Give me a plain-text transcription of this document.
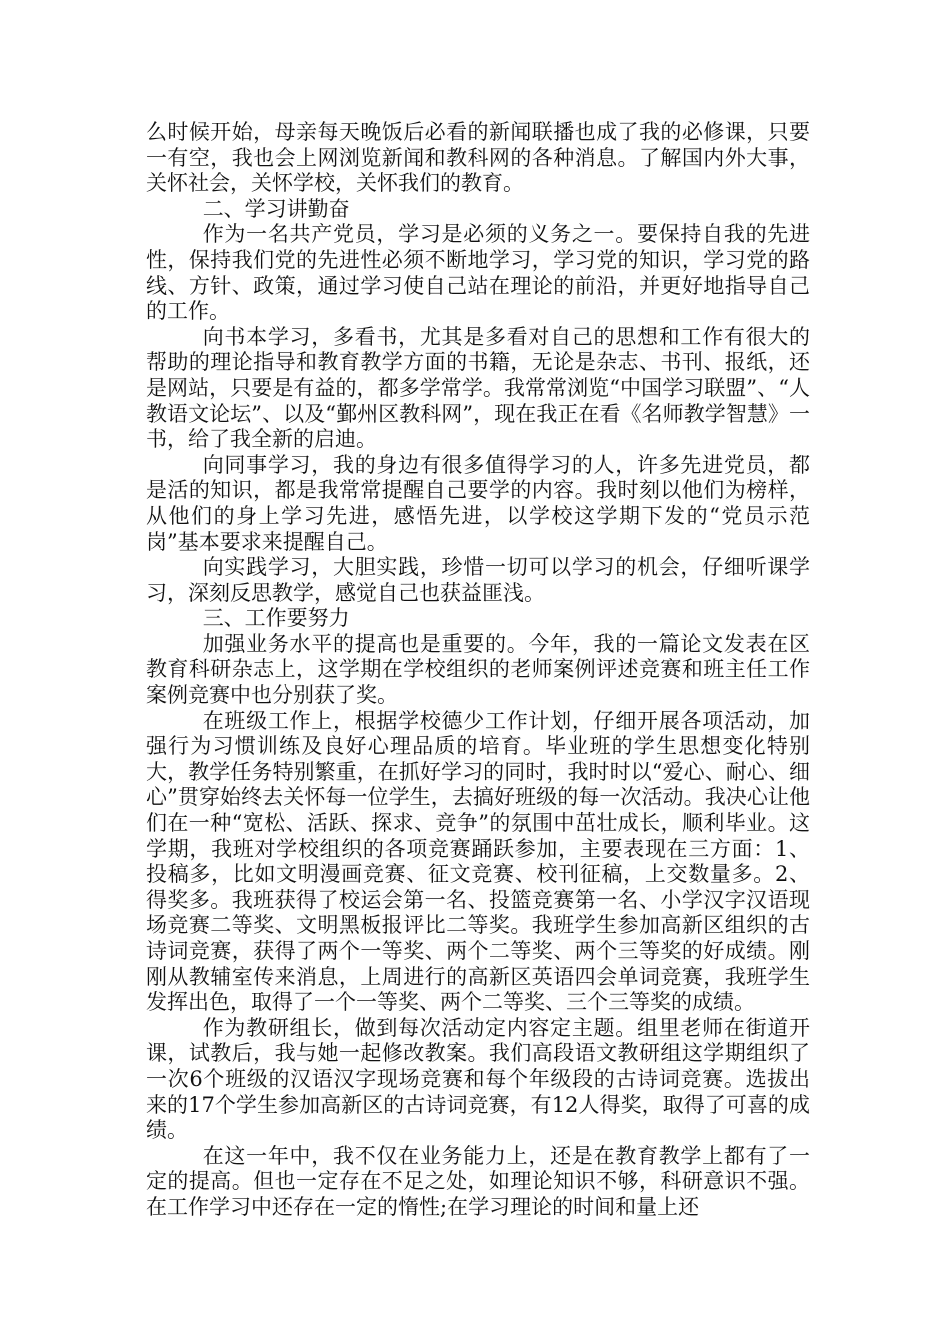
么时候开始，母亲每天晚饭后必看的新闻联播也成了我的必修课，只要一有空，我也会上网浏览新闻和教科网的各种消息。了解国内外大事，关怀社会，关怀学校，关怀我们的教育。

二、学习讲勤奋

作为一名共产党员，学习是必须的义务之一。要保持自我的先进性，保持我们党的先进性必须不断地学习，学习党的知识，学习党的路线、方针、政策，通过学习使自己站在理论的前沿，并更好地指导自己的工作。

向书本学习，多看书，尤其是多看对自己的思想和工作有很大的帮助的理论指导和教育教学方面的书籍，无论是杂志、书刊、报纸，还是网站，只要是有益的，都多学常学。我常常浏览“中国学习联盟”、“人教语文论坛”、以及“鄞州区教科网”，现在我正在看《名师教学智慧》一书，给了我全新的启迪。

向同事学习，我的身边有很多值得学习的人，许多先进党员，都是活的知识，都是我常常提醒自己要学的内容。我时刻以他们为榜样，从他们的身上学习先进，感悟先进，以学校这学期下发的“党员示范岗”基本要求来提醒自己。

向实践学习，大胆实践，珍惜一切可以学习的机会，仔细听课学习，深刻反思教学，感觉自己也获益匪浅。

三、工作要努力

加强业务水平的提高也是重要的。今年，我的一篇论文发表在区教育科研杂志上，这学期在学校组织的老师案例评述竞赛和班主任工作案例竞赛中也分别获了奖。

在班级工作上，根据学校德少工作计划，仔细开展各项活动，加强行为习惯训练及良好心理品质的培育。毕业班的学生思想变化特别大，教学任务特别繁重，在抓好学习的同时，我时时以“爱心、耐心、细心”贯穿始终去关怀每一位学生，去搞好班级的每一次活动。我决心让他们在一种“宽松、活跃、探求、竞争”的氛围中茁壮成长，顺利毕业。这学期，我班对学校组织的各项竞赛踊跃参加，主要表现在三方面：1、投稿多，比如文明漫画竞赛、征文竞赛、校刊征稿，上交数量多。2、得奖多。我班获得了校运会第一名、投篮竞赛第一名、小学汉字汉语现场竞赛二等奖、文明黑板报评比二等奖。我班学生参加高新区组织的古诗词竞赛，获得了两个一等奖、两个二等奖、两个三等奖的好成绩。刚刚从教辅室传来消息，上周进行的高新区英语四会单词竞赛，我班学生发挥出色，取得了一个一等奖、两个二等奖、三个三等奖的成绩。

作为教研组长，做到每次活动定内容定主题。组里老师在街道开课，试教后，我与她一起修改教案。我们高段语文教研组这学期组织了一次6个班级的汉语汉字现场竞赛和每个年级段的古诗词竞赛。选拔出来的17个学生参加高新区的古诗词竞赛，有12人得奖，取得了可喜的成绩。

在这一年中，我不仅在业务能力上，还是在教育教学上都有了一定的提高。但也一定存在不足之处，如理论知识不够，科研意识不强。在工作学习中还存在一定的惰性;在学习理论的时间和量上还
